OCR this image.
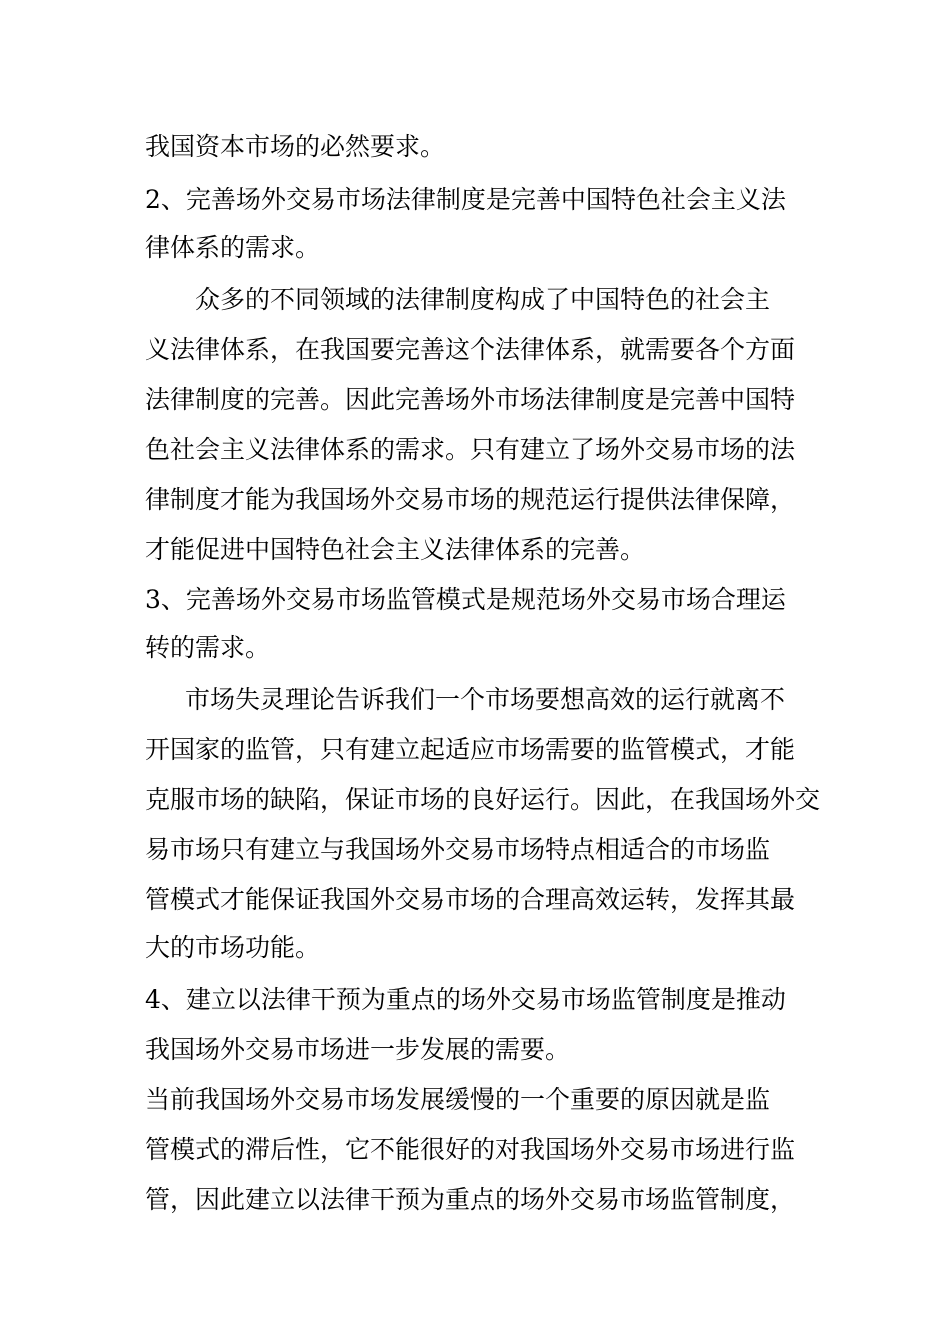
我国资本市场的必然要求。

2、完善场外交易市场法律制度是完善中国特色社会主义法

律体系的需求。

众多的不同领域的法律制度构成了中国特色的社会主

义法律体系，在我国要完善这个法律体系，就需要各个方面

法律制度的完善。因此完善场外市场法律制度是完善中国特

色社会主义法律体系的需求。只有建立了场外交易市场的法

律制度才能为我国场外交易市场的规范运行提供法律保障，

才能促进中国特色社会主义法律体系的完善。

3、完善场外交易市场监管模式是规范场外交易市场合理运

转的需求。

市场失灵理论告诉我们一个市场要想高效的运行就离不

开国家的监管，只有建立起适应市场需要的监管模式，才能

克服市场的缺陷，保证市场的良好运行。因此，在我国场外交

易市场只有建立与我国场外交易市场特点相适合的市场监

管模式才能保证我国外交易市场的合理高效运转，发挥其最

大的市场功能。

4、建立以法律干预为重点的场外交易市场监管制度是推动

我国场外交易市场进一步发展的需要。

当前我国场外交易市场发展缓慢的一个重要的原因就是监

管模式的滞后性，它不能很好的对我国场外交易市场进行监

管，因此建立以法律干预为重点的场外交易市场监管制度，
